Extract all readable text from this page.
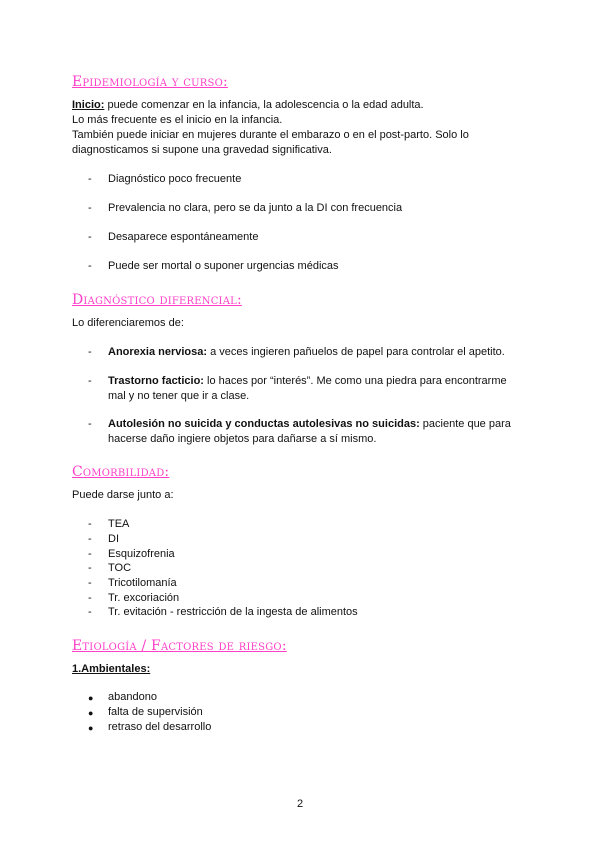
Epidemiología y curso:
Inicio: puede comenzar en la infancia, la adolescencia o la edad adulta.
Lo más frecuente es el inicio en la infancia.
También puede iniciar en mujeres durante el embarazo o en el post-parto. Solo lo
diagnosticamos si supone una gravedad significativa.
- Diagnóstico poco frecuente
- Prevalencia no clara, pero se da junto a la DI con frecuencia
- Desaparece espontáneamente
- Puede ser mortal o suponer urgencias médicas
Diagnóstico diferencial:
Lo diferenciaremos de:
- Anorexia nerviosa: a veces ingieren pañuelos de papel para controlar el apetito.
- Trastorno facticio: lo haces por “interés”. Me como una piedra para encontrarme mal y no tener que ir a clase.
- Autolesión no suicida y conductas autolesivas no suicidas: paciente que para hacerse daño ingiere objetos para dañarse a sí mismo.
Comorbilidad:
Puede darse junto a:
- TEA
- DI
- Esquizofrenia
- TOC
- Tricotilomanía
- Tr. excoriación
- Tr. evitación - restricción de la ingesta de alimentos
Etiología / Factores de riesgo:
1.Ambientales:
● abandono
● falta de supervisión
● retraso del desarrollo
2
